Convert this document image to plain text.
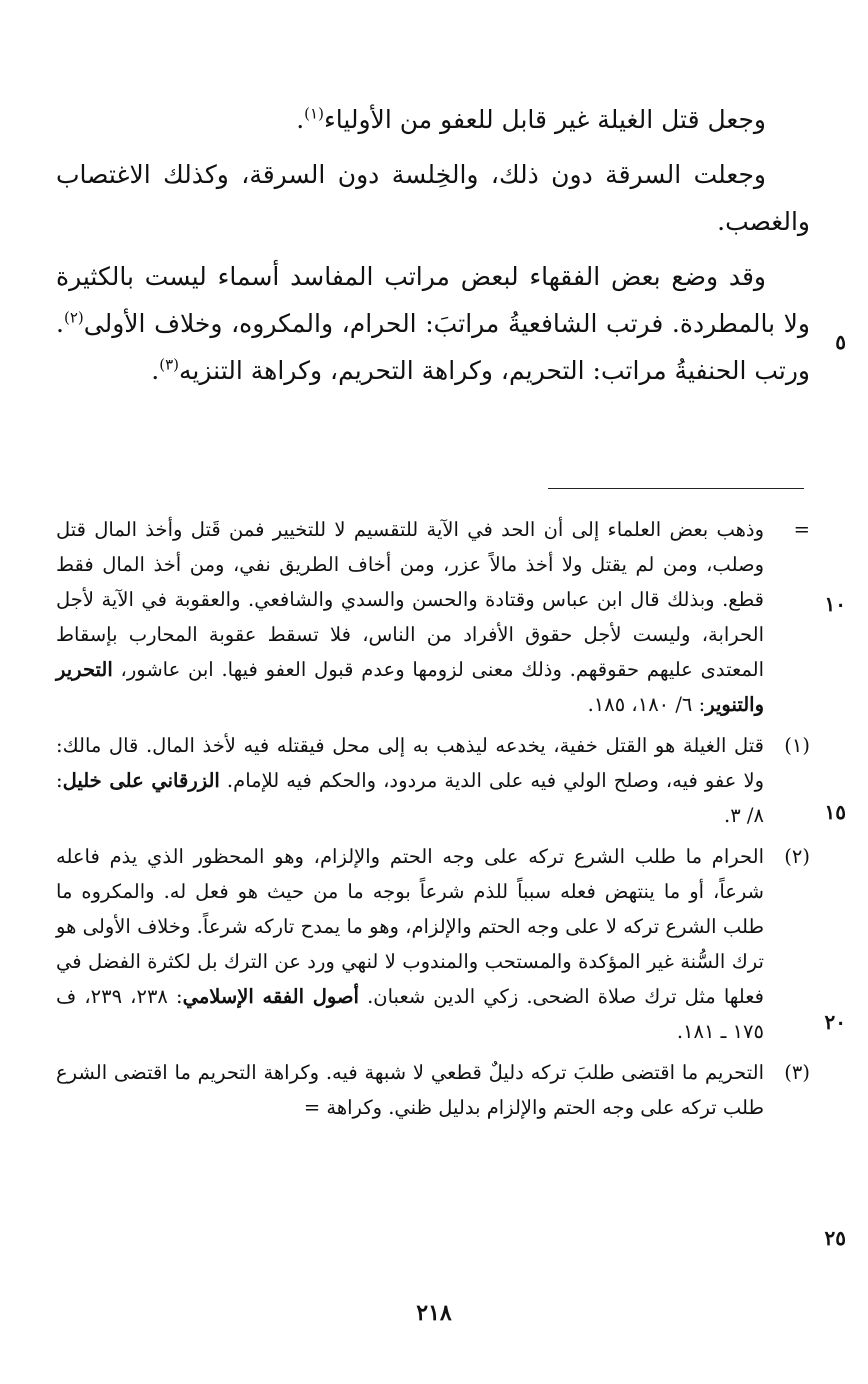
وجعل قتل الغيلة غير قابل للعفو من الأولياء$^{(١)}$.

وجعلت السرقة دون ذلك، والخِلسة دون السرقة، وكذلك الاغتصاب والغصب.

وقد وضع بعض الفقهاء لبعض مراتب المفاسد أسماء ليست بالكثيرة ولا بالمطردة. فرتب الشافعيةُ مراتبَ: الحرام، والمكروه، وخلاف الأولى$^{(٢)}$. ورتب الحنفيةُ مراتب: التحريم، وكراهة التحريم، وكراهة التنزيه$^{(٣)}$.

=
وذهب بعض العلماء إلى أن الحد في الآية للتقسيم لا للتخيير فمن قَتل وأخذ المال قتل وصلب، ومن لم يقتل ولا أخذ مالاً عزر، ومن أخاف الطريق نفي، ومن أخذ المال فقط قطع. وبذلك قال ابن عباس وقتادة والحسن والسدي والشافعي. والعقوبة في الآية لأجل الحرابة، وليست لأجل حقوق الأفراد من الناس، فلا تسقط عقوبة المحارب بإسقاط المعتدى عليهم حقوقهم. وذلك معنى لزومها وعدم قبول العفو فيها. ابن عاشور، التحرير والتنوير: ٦/ ١٨٠، ١٨٥.
(١)
قتل الغيلة هو القتل خفية، يخدعه ليذهب به إلى محل فيقتله فيه لأخذ المال. قال مالك: ولا عفو فيه، وصلح الولي فيه على الدية مردود، والحكم فيه للإمام. الزرقاني على خليل: ٨/ ٣.
(٢)
الحرام ما طلب الشرع تركه على وجه الحتم والإلزام، وهو المحظور الذي يذم فاعله شرعاً، أو ما ينتهض فعله سبباً للذم شرعاً بوجه ما من حيث هو فعل له. والمكروه ما طلب الشرع تركه لا على وجه الحتم والإلزام، وهو ما يمدح تاركه شرعاً. وخلاف الأولى هو ترك السُّنة غير المؤكدة والمستحب والمندوب لا لنهي ورد عن الترك بل لكثرة الفضل في فعلها مثل ترك صلاة الضحى. زكي الدين شعبان. أصول الفقه الإسلامي: ٢٣٨، ٢٣٩، ف ١٧٥ ـ ١٨١.
(٣)
التحريم ما اقتضى طلبَ تركه دليلٌ قطعي لا شبهة فيه. وكراهة التحريم ما اقتضى الشرع طلب تركه على وجه الحتم والإلزام بدليل ظني. وكراهة =
٥
١٠
١٥
٢٠
٢٥
٢١٨
